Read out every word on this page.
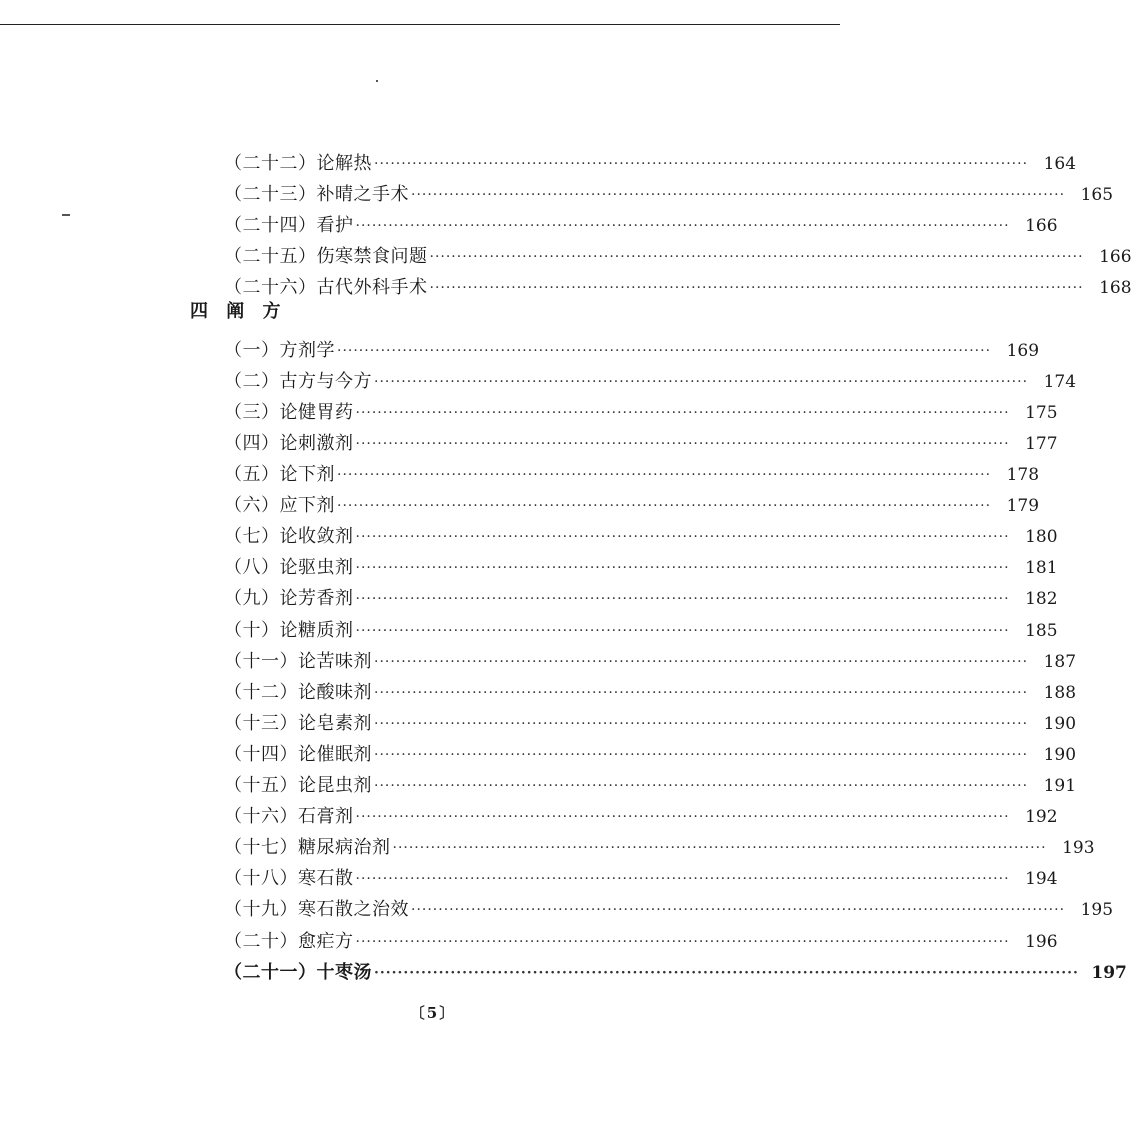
〔5〕
（二十二）论解热 ························································································································ 164
（二十三）补晴之手术 ························································································································ 165
（二十四）看护 ························································································································ 166
（二十五）伤寒禁食问题 ························································································································ 166
（二十六）古代外科手术 ························································································································ 168
四 阐 方
（一）方剂学 ························································································································ 169
（二）古方与今方 ························································································································ 174
（三）论健胃药 ························································································································ 175
（四）论刺激剂 ························································································································ 177
（五）论下剂 ························································································································ 178
（六）应下剂 ························································································································ 179
（七）论收敛剂 ························································································································ 180
（八）论驱虫剂 ························································································································ 181
（九）论芳香剂 ························································································································ 182
（十）论糖质剂 ························································································································ 185
（十一）论苦味剂 ························································································································ 187
（十二）论酸味剂 ························································································································ 188
（十三）论皂素剂 ························································································································ 190
（十四）论催眠剂 ························································································································ 190
（十五）论昆虫剂 ························································································································ 191
（十六）石膏剂 ························································································································ 192
（十七）糖尿病治剂 ························································································································ 193
（十八）寒石散 ························································································································ 194
（十九）寒石散之治效 ························································································································ 195
（二十）愈疟方 ························································································································ 196
（二十一）十枣汤 ························································································································ 197
